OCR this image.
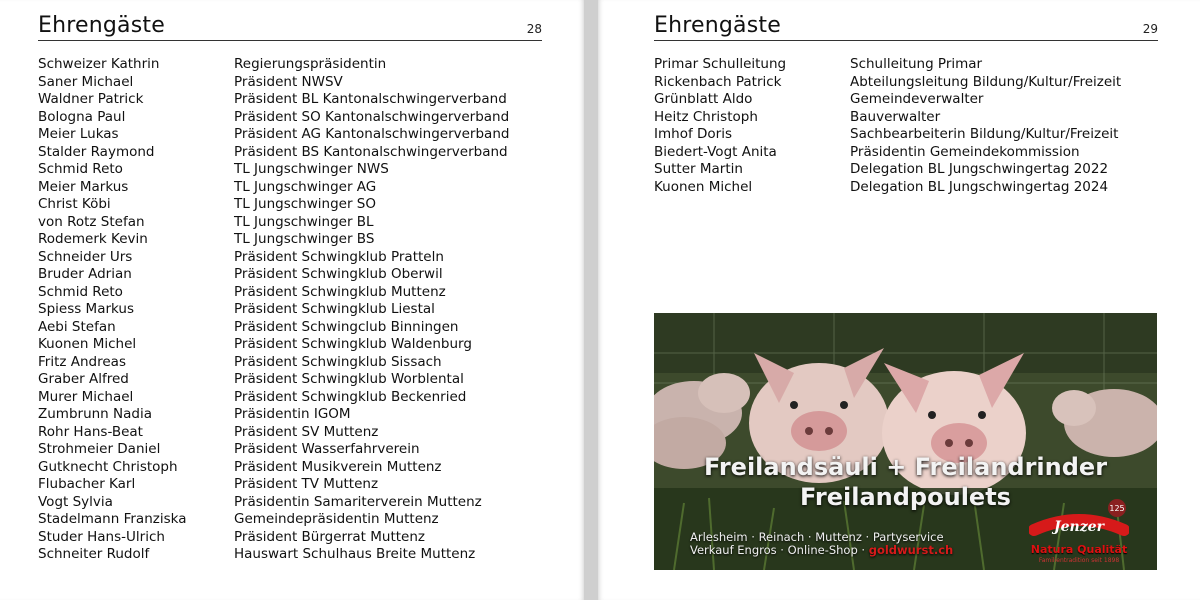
Ehrengäste	28
Schweizer Kathrin	Regierungspräsidentin
Saner Michael	Präsident NWSV
Waldner Patrick	Präsident BL Kantonalschwingerverband
Bologna Paul	Präsident SO Kantonalschwingerverband
Meier Lukas	Präsident AG Kantonalschwingerverband
Stalder Raymond	Präsident BS Kantonalschwingerverband
Schmid Reto	TL Jungschwinger NWS
Meier Markus	TL Jungschwinger AG
Christ Köbi	TL Jungschwinger SO
von Rotz Stefan	TL Jungschwinger BL
Rodemerk Kevin	TL Jungschwinger BS
Schneider Urs	Präsident Schwingklub Pratteln
Bruder Adrian	Präsident Schwingklub Oberwil
Schmid Reto	Präsident Schwingklub Muttenz
Spiess Markus	Präsident Schwingklub Liestal
Aebi Stefan	Präsident Schwingclub Binningen
Kuonen Michel	Präsident Schwingklub Waldenburg
Fritz Andreas	Präsident Schwingklub Sissach
Graber Alfred	Präsident Schwingklub Worblental
Murer Michael	Präsident Schwingklub Beckenried
Zumbrunn Nadia	Präsidentin IGOM
Rohr Hans-Beat	Präsident SV Muttenz
Strohmeier Daniel	Präsident Wasserfahrverein
Gutknecht Christoph	Präsident Musikverein Muttenz
Flubacher Karl	Präsident TV Muttenz
Vogt Sylvia	Präsidentin Samariterverein Muttenz
Stadelmann Franziska	Gemeindepräsidentin Muttenz
Studer Hans-Ulrich	Präsident Bürgerrat Muttenz
Schneiter Rudolf	Hauswart Schulhaus Breite Muttenz
Ehrengäste	29
Primar Schulleitung	Schulleitung Primar
Rickenbach Patrick	Abteilungsleitung Bildung/Kultur/Freizeit
Grünblatt Aldo	Gemeindeverwalter
Heitz Christoph	Bauverwalter
Imhof Doris	Sachbearbeiterin Bildung/Kultur/Freizeit
Biedert-Vogt Anita	Präsidentin Gemeindekommission
Sutter Martin	Delegation BL Jungschwingertag 2022
Kuonen Michel	Delegation BL Jungschwingertag 2024
Freilandsäuli + Freilandrinder
Freilandpoulets
Arlesheim · Reinach · Muttenz · Partyservice
Verkauf Engros · Online-Shop · goldwurst.ch
Jenzer
125
Natura Qualität
Familientradition seit 1898
